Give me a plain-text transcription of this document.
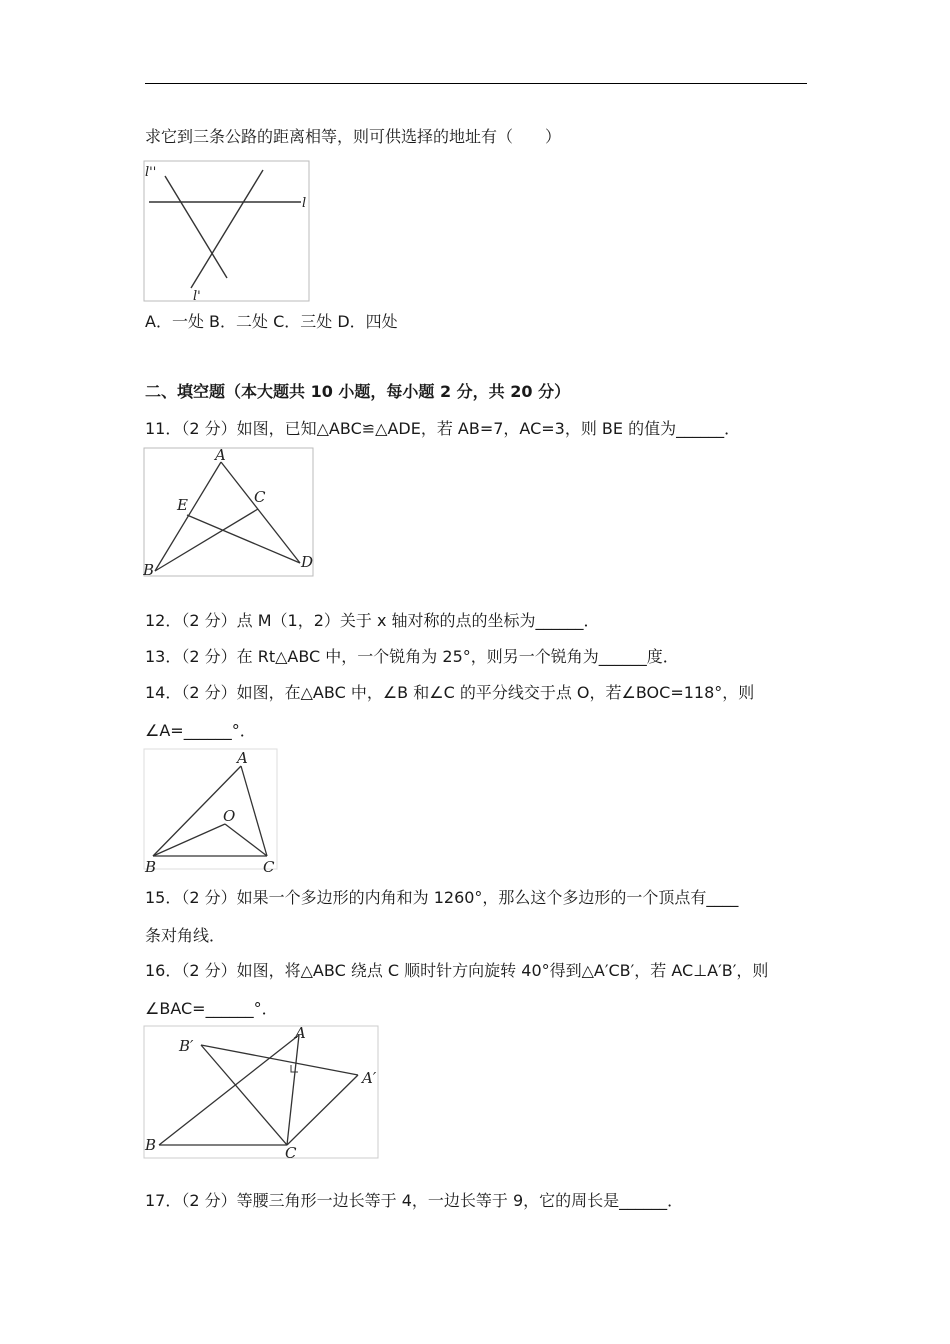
求它到三条公路的距离相等，则可供选择的地址有（　　）
l''
l
l'
A．一处 B．二处 C．三处 D．四处
二、填空题（本大题共 10 小题，每小题 2 分，共 20 分）
11．（2 分）如图，已知△ABC≌△ADE，若 AB=7，AC=3，则 BE 的值为______．
A
E	C
B	D
12．（2 分）点 M（1，2）关于 x 轴对称的点的坐标为______．
13．（2 分）在 Rt△ABC 中，一个锐角为 25°，则另一个锐角为______度．
14．（2 分）如图，在△ABC 中，∠B 和∠C 的平分线交于点 O，若∠BOC=118°，则
∠A=______°．
A
O
B	C
15．（2 分）如果一个多边形的内角和为 1260°，那么这个多边形的一个顶点有____
条对角线．
16．（2 分）如图，将△ABC 绕点 C 顺时针方向旋转 40°得到△A′CB′，若 AC⊥A′B′，则
∠BAC=______°．
B′
A
A′
B	C
17．（2 分）等腰三角形一边长等于 4，一边长等于 9，它的周长是______．
